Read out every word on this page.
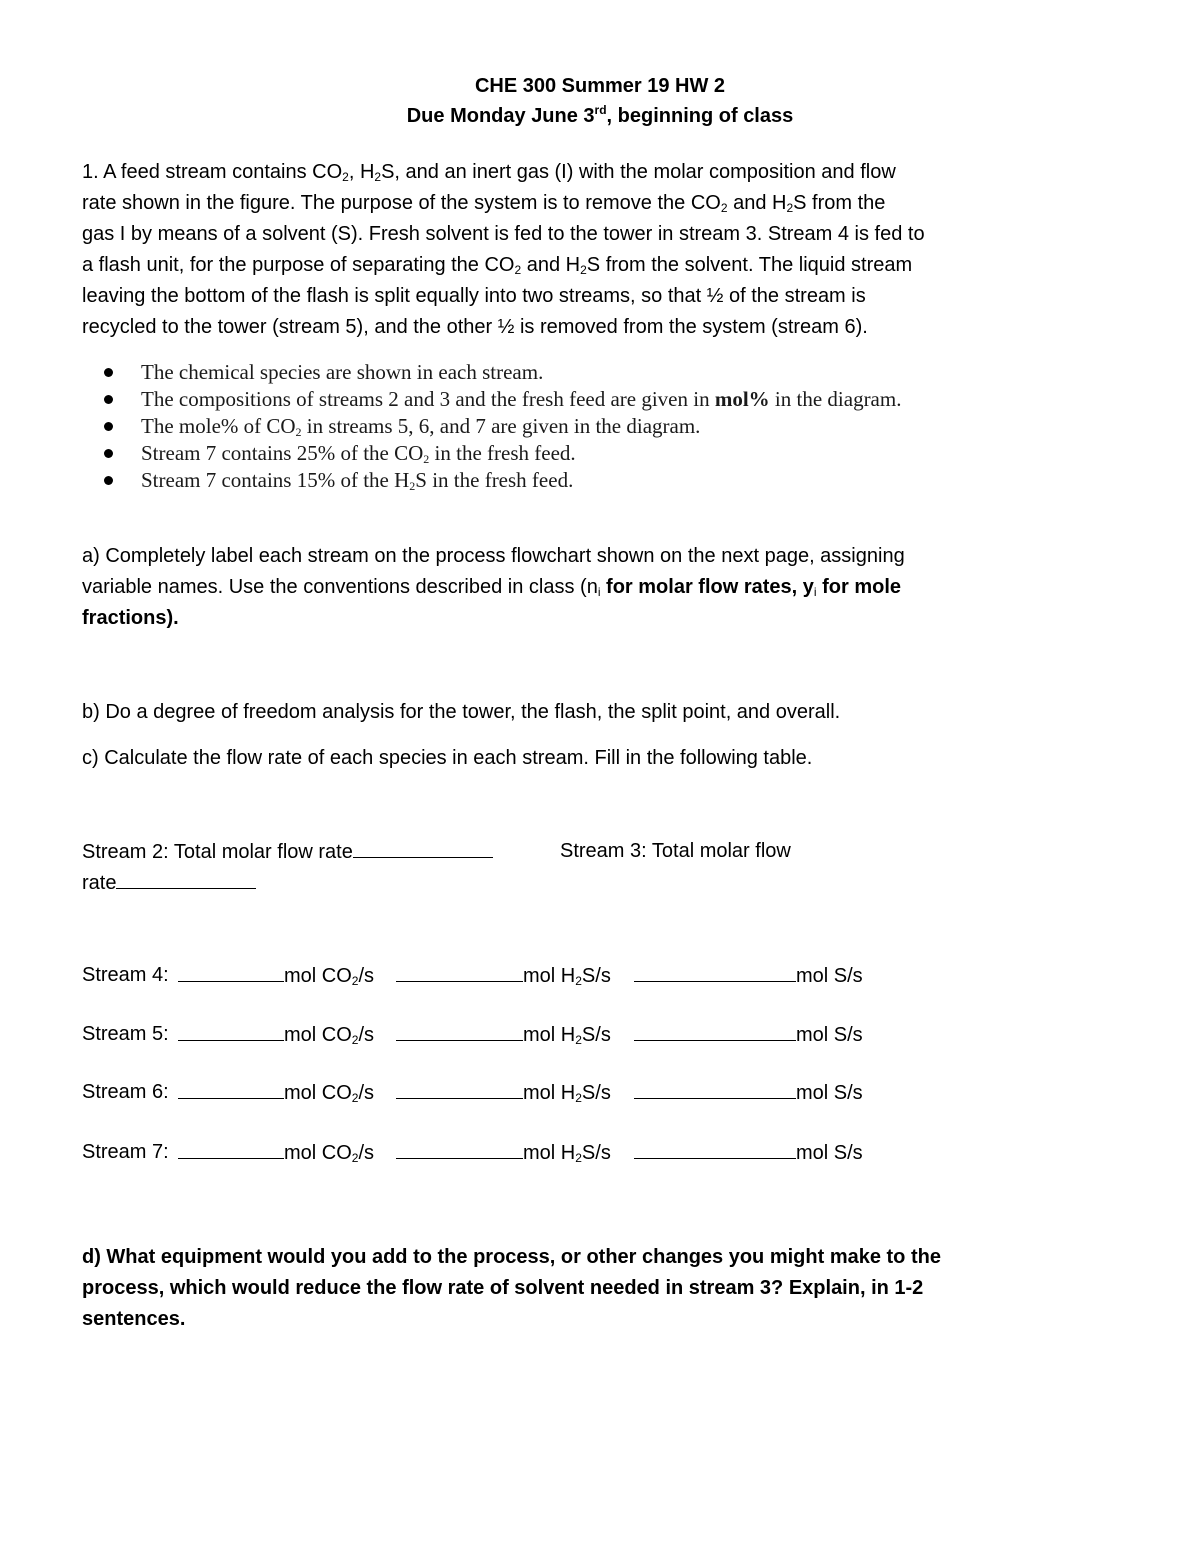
CHE 300 Summer 19 HW 2
Due Monday June 3rd, beginning of class
1. A feed stream contains $CO_2$, $H_2S$, and an inert gas (I) with the molar composition and flow
rate shown in the figure. The purpose of the system is to remove the $CO_2$ and $H_2S$ from the
gas I by means of a solvent (S). Fresh solvent is fed to the tower in stream 3. Stream 4 is fed to
a flash unit, for the purpose of separating the $CO_2$ and $H_2S$ from the solvent. The liquid stream
leaving the bottom of the flash is split equally into two streams, so that ½ of the stream is
recycled to the tower (stream 5), and the other ½ is removed from the system (stream 6).
The chemical species are shown in each stream.
The compositions of streams 2 and 3 and the fresh feed are given in mol% in the diagram.
The mole% of $CO_2$ in streams 5, 6, and 7 are given in the diagram.
Stream 7 contains 25% of the $CO_2$ in the fresh feed.
Stream 7 contains 15% of the $H_2S$ in the fresh feed.
a) Completely label each stream on the process flowchart shown on the next page, assigning
variable names. Use the conventions described in class ($n_i$ for molar flow rates, $y_i$ for mole
fractions).
b) Do a degree of freedom analysis for the tower, the flash, the split point, and overall.
c) Calculate the flow rate of each species in each stream. Fill in the following table.
Stream 2: Total molar flow rate	Stream 3: Total molar flow
rate
Stream 4:	mol $CO_2/s$	mol $H_2S/s$	mol S/s
Stream 5:	mol $CO_2/s$	mol $H_2S/s$	mol S/s
Stream 6:	mol $CO_2/s$	mol $H_2S/s$	mol S/s
Stream 7:	mol $CO_2/s$	mol $H_2S/s$	mol S/s
d) What equipment would you add to the process, or other changes you might make to the
process, which would reduce the flow rate of solvent needed in stream 3? Explain, in 1-2
sentences.
